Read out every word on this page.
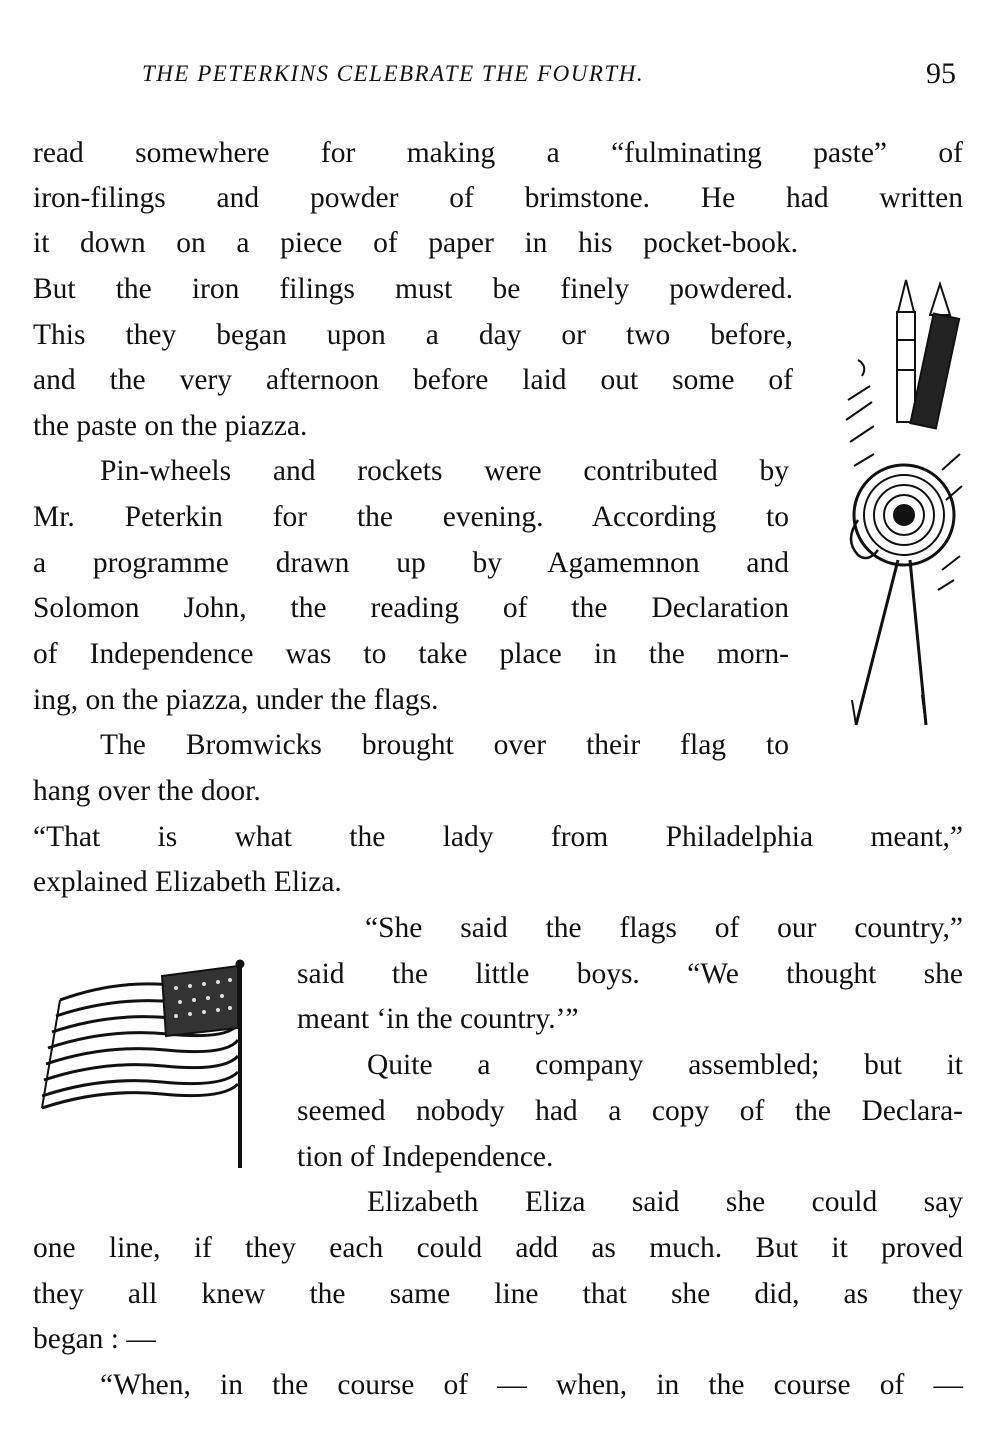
THE PETERKINS CELEBRATE THE FOURTH.	95
read somewhere for making a “fulminating paste” of
iron-filings and powder of brimstone. He had written
it down on a piece of paper in his pocket-book.
But the iron filings must be finely powdered.
This they began upon a day or two before,
and the very afternoon before laid out some of
the paste on the piazza.
Pin-wheels and rockets were contributed by
Mr. Peterkin for the evening. According to
a programme drawn up by Agamemnon and
Solomon John, the reading of the Declaration
of Independence was to take place in the morn-
ing, on the piazza, under the flags.
The Bromwicks brought over their flag to
hang over the door.
“That is what the lady from Philadelphia meant,”
explained Elizabeth Eliza.
“She said the flags of our country,”
said the little boys. “We thought she
meant ‘in the country.’”
Quite a company assembled; but it
seemed nobody had a copy of the Declara-
tion of Independence.
Elizabeth Eliza said she could say
one line, if they each could add as much. But it proved
they all knew the same line that she did, as they
began : —
“When, in the course of — when, in the course of —
